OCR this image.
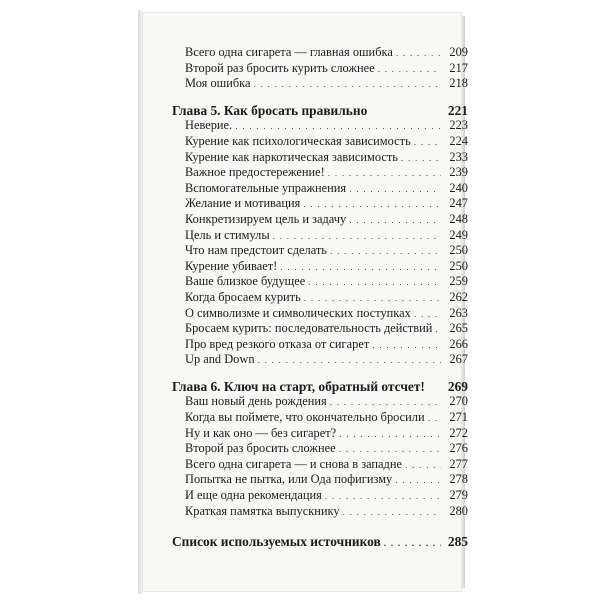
Всего одна сигарета — главная ошибка . . .	209
Второй раз бросить курить сложнее . . .	217
Моя ошибка . . .	218
Глава 5. Как бросать правильно	221
Неверие. . . .	223
Курение как психологическая зависимость . . .	224
Курение как наркотическая зависимость . . .	233
Важное предостережение! . . .	239
Вспомогательные упражнения . . .	240
Желание и мотивация . . .	247
Конкретизируем цель и задачу . . .	248
Цель и стимулы . . .	249
Что нам предстоит сделать . . .	250
Курение убивает! . . .	250
Ваше близкое будущее . . .	259
Когда бросаем курить . . .	262
О символизме и символических поступках . . .	263
Бросаем курить: последовательность действий . . .	265
Про вред резкого отказа от сигарет . . .	266
Up and Down . . .	267
Глава 6. Ключ на старт, обратный отсчет! 269
Ваш новый день рождения . . .	270
Когда вы поймете, что окончательно бросили . . .	271
Ну и как оно — без сигарет? . . .	272
Второй раз бросить сложнее . . .	276
Всего одна сигарета — и снова в западне . . .	277
Попытка не пытка, или Ода пофигизму . . .	278
И еще одна рекомендация . . .	279
Краткая памятка выпускнику . . .	280
Список используемых источников . . .	285
